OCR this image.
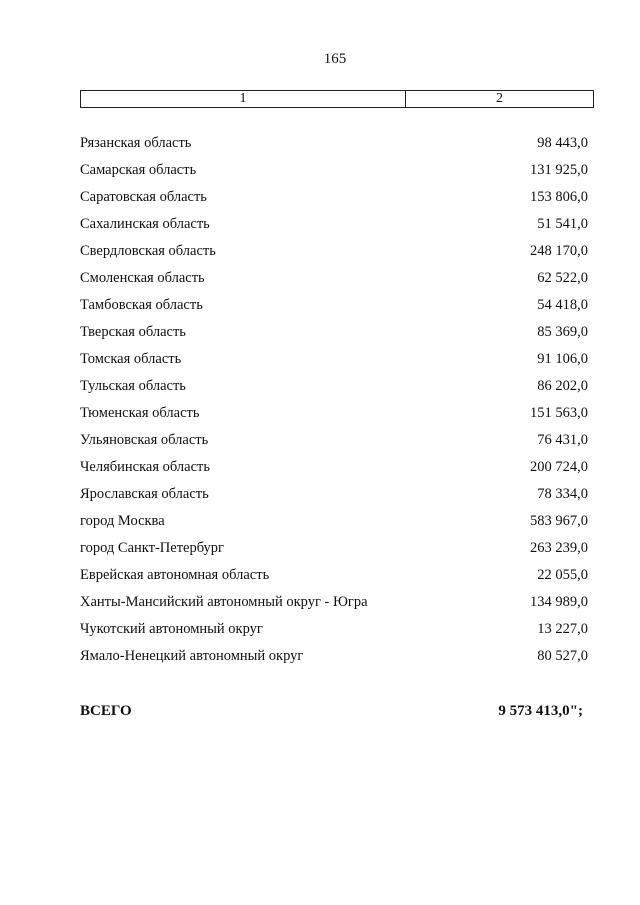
165
1	2
Рязанская область	98 443,0
Самарская область	131 925,0
Саратовская область	153 806,0
Сахалинская область	51 541,0
Свердловская область	248 170,0
Смоленская область	62 522,0
Тамбовская область	54 418,0
Тверская область	85 369,0
Томская область	91 106,0
Тульская область	86 202,0
Тюменская область	151 563,0
Ульяновская область	76 431,0
Челябинская область	200 724,0
Ярославская область	78 334,0
город Москва	583 967,0
город Санкт-Петербург	263 239,0
Еврейская автономная область	22 055,0
Ханты-Мансийский автономный округ - Югра	134 989,0
Чукотский автономный округ	13 227,0
Ямало-Ненецкий автономный округ	80 527,0
ВСЕГО	9 573 413,0";
